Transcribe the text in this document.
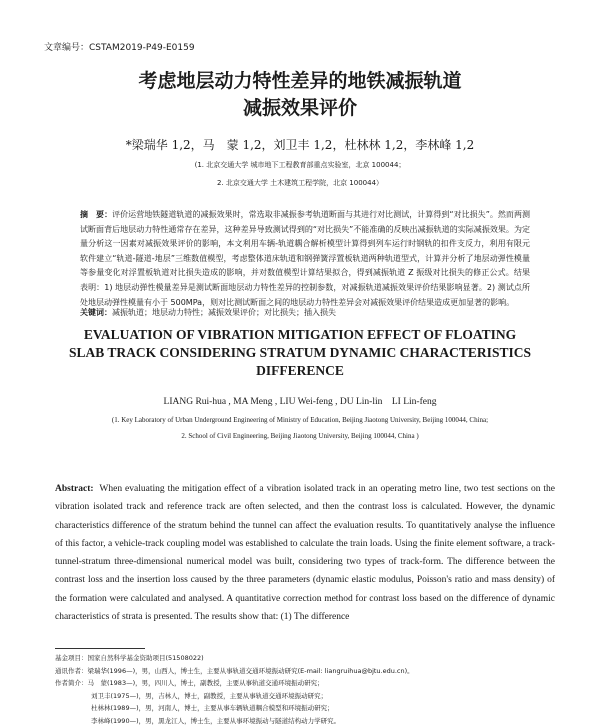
文章编号：CSTAM2019-P49-E0159
考虑地层动力特性差异的地铁减振轨道
减振效果评价
*梁瑞华 1,2，马　蒙 1,2，刘卫丰 1,2，杜林林 1,2，李林峰 1,2
(1. 北京交通大学 城市地下工程教育部重点实验室，北京 100044；
2. 北京交通大学 土木建筑工程学院，北京 100044）
摘　要：评价运营地铁隧道轨道的减振效果时，常选取非减振参考轨道断面与其进行对比测试，计算得到“对比损失”。然而两测试断面背后地层动力特性通常存在差异，这种差异导致测试得到的“对比损失”不能准确的反映出减振轨道的实际减振效果。为定量分析这一因素对减振效果评价的影响，本文利用车辆-轨道耦合解析模型计算得到列车运行时钢轨的扣件支反力，利用有限元软件建立“轨道-隧道-地层”三维数值模型，考虑整体道床轨道和钢弹簧浮置板轨道两种轨道型式，计算并分析了地层动弹性模量等参量变化对浮置板轨道对比损失造成的影响，并对数值模型计算结果拟合，得到减振轨道 Z 振级对比损失的修正公式。结果表明：1) 地层动弹性模量差异是测试断面地层动力特性差异的控制参数，对减振轨道减振效果评价结果影响显著。2) 测试点所处地层动弹性模量有小于 500MPa，则对比测试断面之间的地层动力特性差异会对减振效果评价结果造成更加显著的影响。
关键词：减振轨道；地层动力特性；减振效果评价；对比损失；插入损失
EVALUATION OF VIBRATION MITIGATION EFFECT OF FLOATING
SLAB TRACK CONSIDERING STRATUM DYNAMIC CHARACTERISTICS
DIFFERENCE
LIANG Rui-hua , MA Meng , LIU Wei-feng , DU Lin-lin　LI Lin-feng
(1. Key Laboratory of Urban Underground Engineering of Ministry of Education, Beijing Jiaotong University, Beijing 100044, China;
2. School of Civil Engineering, Beijing Jiaotong University, Beijing 100044, China )
Abstract: When evaluating the mitigation effect of a vibration isolated track in an operating metro line, two test sections on the vibration isolated track and reference track are often selected, and then the contrast loss is calculated. However, the dynamic characteristics difference of the stratum behind the tunnel can affect the evaluation results. To quantitatively analyse the influence of this factor, a vehicle-track coupling model was established to calculate the train loads. Using the finite element software, a track- tunnel-stratum three-dimensional numerical model was built, considering two types of track-form. The difference between the contrast loss and the insertion loss caused by the three parameters (dynamic elastic modulus, Poisson's ratio and mass density) of the formation were calculated and analysed. A quantitative correction method for contrast loss based on the difference of dynamic characteristics of strata is presented. The results show that: (1) The difference
基金项目：国家自然科学基金资助项目(51508022)
通讯作者：梁瑞华(1996—)，男，山西人，博士生，主要从事轨道交通环境振动研究(E-mail: liangruihua@bjtu.edu.cn)。
作者简介：马　蒙(1983—)，男，四川人，博士，副教授，主要从事轨道交通环境振动研究；
刘卫丰(1975—)，男，吉林人，博士，副教授，主要从事轨道交通环境振动研究；
杜林林(1989—)，男，河南人，博士，主要从事车辆轨道耦合模型和环境振动研究；
李林峰(1990—)，男，黑龙江人，博士生，主要从事环境振动与隧道结构动力学研究。
